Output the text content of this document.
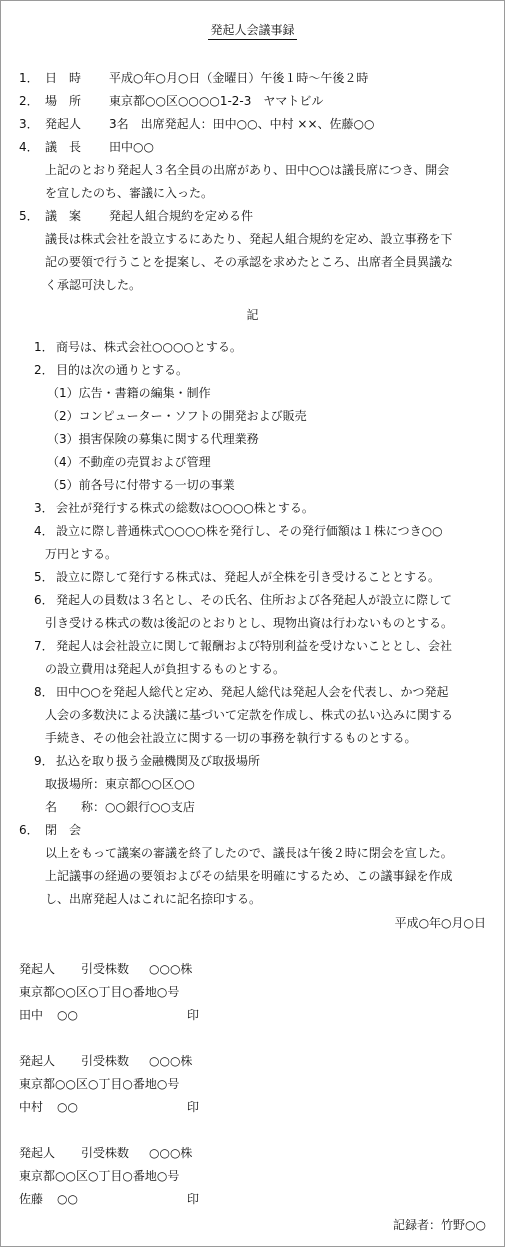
発起人会議事録
1． 日　時 平成○年○月○日（金曜日）午後１時～午後２時
2． 場　所 東京都○○区○○○○1-2-3　ヤマトビル
3． 発起人 3名　出席発起人：田中○○、中村 ××、佐藤○○
4． 議　長 田中○○
上記のとおり発起人３名全員の出席があり、田中○○は議長席につき、開会
を宣したのち、審議に入った。
5． 議　案 発起人組合規約を定める件
議長は株式会社を設立するにあたり、発起人組合規約を定め、設立事務を下
記の要領で行うことを提案し、その承認を求めたところ、出席者全員異議な
く承認可決した。
記
1． 商号は、株式会社○○○○とする。
2． 目的は次の通りとする。
（1）広告・書籍の編集・制作
（2）コンピューター・ソフトの開発および販売
（3）損害保険の募集に関する代理業務
（4）不動産の売買および管理
（5）前各号に付帯する一切の事業
3． 会社が発行する株式の総数は○○○○株とする。
4． 設立に際し普通株式○○○○株を発行し、その発行価額は１株につき○○
万円とする。
5． 設立に際して発行する株式は、発起人が全株を引き受けることとする。
6． 発起人の員数は３名とし、その氏名、住所および各発起人が設立に際して
引き受ける株式の数は後記のとおりとし、現物出資は行わないものとする。
7． 発起人は会社設立に関して報酬および特別利益を受けないこととし、会社
の設立費用は発起人が負担するものとする。
8． 田中○○を発起人総代と定め、発起人総代は発起人会を代表し、かつ発起
人会の多数決による決議に基づいて定款を作成し、株式の払い込みに関する
手続き、その他会社設立に関する一切の事務を執行するものとする。
9． 払込を取り扱う金融機関及び取扱場所
取扱場所：東京都○○区○○
名　　称：○○銀行○○支店
6． 閉　会
以上をもって議案の審議を終了したので、議長は午後２時に閉会を宣した。
上記議事の経過の要領およびその結果を明確にするため、この議事録を作成
し、出席発起人はこれに記名捺印する。
平成○年○月○日
発起人 引受株数 ○○○株
東京都○○区○丁目○番地○号
田中 ○○	印
発起人 引受株数 ○○○株
東京都○○区○丁目○番地○号
中村 ○○	印
発起人 引受株数 ○○○株
東京都○○区○丁目○番地○号
佐藤 ○○	印
記録者：竹野○○
